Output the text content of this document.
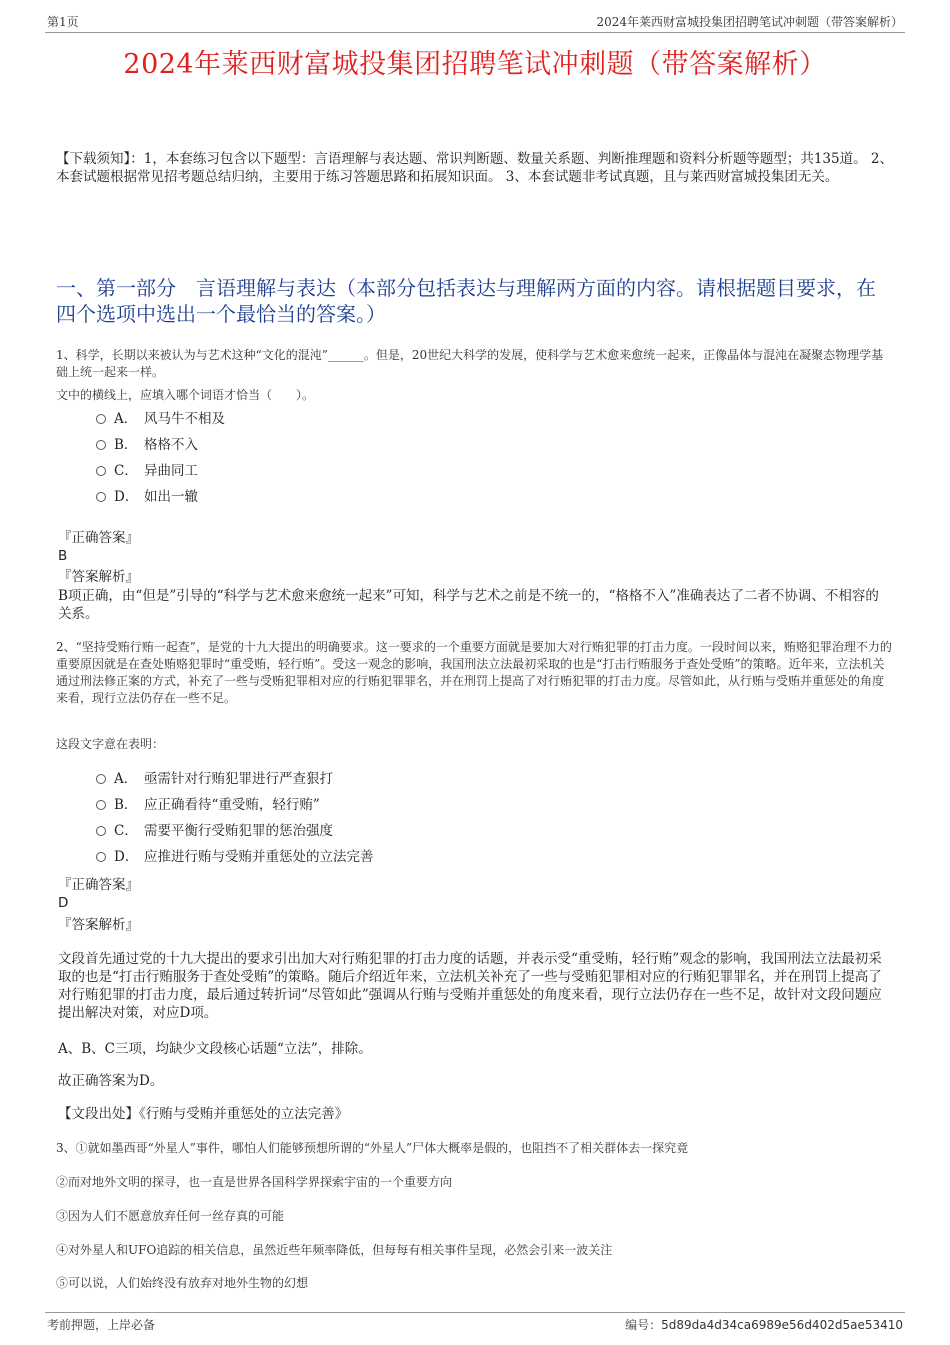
第1页	2024年莱西财富城投集团招聘笔试冲刺题（带答案解析）
2024年莱西财富城投集团招聘笔试冲刺题（带答案解析）
【下载须知】：1，本套练习包含以下题型：言语理解与表达题、常识判断题、数量关系题、判断推理题和资料分析题等题型；共135道。 2、本套试题根据常见招考题总结归纳，主要用于练习答题思路和拓展知识面。 3、本套试题非考试真题，且与莱西财富城投集团无关。
一、第一部分　言语理解与表达（本部分包括表达与理解两方面的内容。请根据题目要求，在四个选项中选出一个最恰当的答案。）
1、科学，长期以来被认为与艺术这种“文化的混沌”______。但是，20世纪大科学的发展，使科学与艺术愈来愈统一起来，正像晶体与混沌在凝聚态物理学基础上统一起来一样。
文中的横线上，应填入哪个词语才恰当（　　）。
A． 风马牛不相及
B． 格格不入
C． 异曲同工
D． 如出一辙
『正确答案』
B
『答案解析』
B项正确，由“但是”引导的“科学与艺术愈来愈统一起来”可知，科学与艺术之前是不统一的，“格格不入”准确表达了二者不协调、不相容的关系。
2、“坚持受贿行贿一起查”，是党的十九大提出的明确要求。这一要求的一个重要方面就是要加大对行贿犯罪的打击力度。一段时间以来，贿赂犯罪治理不力的重要原因就是在查处贿赂犯罪时“重受贿，轻行贿”。受这一观念的影响，我国刑法立法最初采取的也是“打击行贿服务于查处受贿”的策略。近年来，立法机关通过刑法修正案的方式，补充了一些与受贿犯罪相对应的行贿犯罪罪名，并在刑罚上提高了对行贿犯罪的打击力度。尽管如此，从行贿与受贿并重惩处的角度来看，现行立法仍存在一些不足。
这段文字意在表明：
A． 亟需针对行贿犯罪进行严查狠打
B． 应正确看待“重受贿，轻行贿”
C． 需要平衡行受贿犯罪的惩治强度
D． 应推进行贿与受贿并重惩处的立法完善
『正确答案』
D
『答案解析』
文段首先通过党的十九大提出的要求引出加大对行贿犯罪的打击力度的话题，并表示受“重受贿，轻行贿”观念的影响，我国刑法立法最初采取的也是“打击行贿服务于查处受贿”的策略。随后介绍近年来，立法机关补充了一些与受贿犯罪相对应的行贿犯罪罪名，并在刑罚上提高了对行贿犯罪的打击力度，最后通过转折词“尽管如此”强调从行贿与受贿并重惩处的角度来看，现行立法仍存在一些不足，故针对文段问题应提出解决对策，对应D项。
A、B、C三项，均缺少文段核心话题“立法”，排除。
故正确答案为D。
【文段出处】《行贿与受贿并重惩处的立法完善》
3、①就如墨西哥“外星人”事件，哪怕人们能够预想所谓的“外星人”尸体大概率是假的，也阻挡不了相关群体去一探究竟
②而对地外文明的探寻，也一直是世界各国科学界探索宇宙的一个重要方向
③因为人们不愿意放弃任何一丝存真的可能
④对外星人和UFO追踪的相关信息，虽然近些年频率降低，但每每有相关事件呈现，必然会引来一波关注
⑤可以说，人们始终没有放弃对地外生物的幻想
考前押题，上岸必备	编号：5d89da4d34ca6989e56d402d5ae53410
